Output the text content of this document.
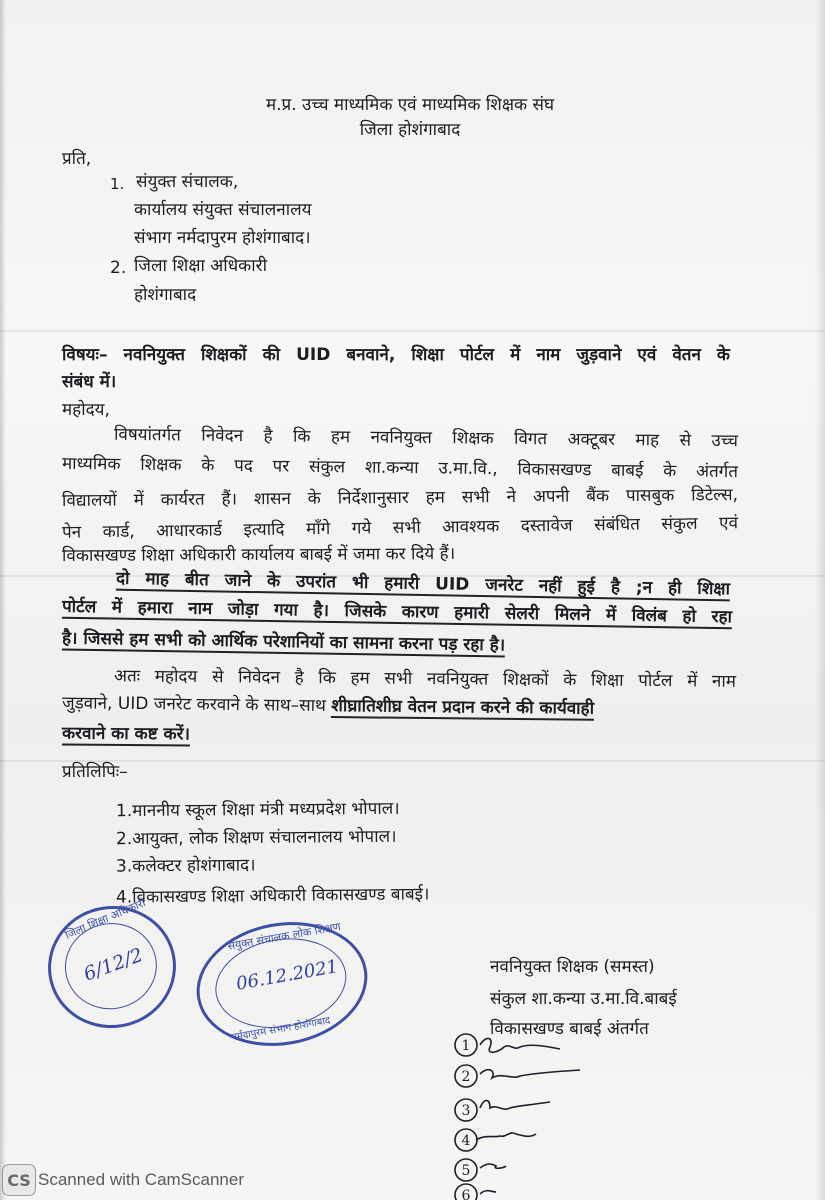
म.प्र. उच्च माध्यमिक एवं माध्यमिक शिक्षक संघ
जिला होशंगाबाद
प्रति,
1. संयुक्त संचालक,
कार्यालय संयुक्त संचालनालय
संभाग नर्मदापुरम होशंगाबाद।
2. जिला शिक्षा अधिकारी
होशंगाबाद
विषयः– नवनियुक्त शिक्षकों की UID बनवाने, शिक्षा पोर्टल में नाम जुड़वाने एवं वेतन के
संबंध में।
महोदय,
विषयांतर्गत निवेदन है कि हम नवनियुक्त शिक्षक विगत अक्टूबर माह से उच्च
माध्यमिक शिक्षक के पद पर संकुल शा.कन्या उ.मा.वि., विकासखण्ड बाबई के अंतर्गत
विद्यालयों में कार्यरत हैं। शासन के निर्देशानुसार हम सभी ने अपनी बैंक पासबुक डिटेल्स,
पेन कार्ड, आधारकार्ड इत्यादि माँगे गये सभी आवश्यक दस्तावेज संबंधित संकुल एवं
विकासखण्ड शिक्षा अधिकारी कार्यालय बाबई में जमा कर दिये हैं।
दो माह बीत जाने के उपरांत भी हमारी UID जनरेट नहीं हुई है ;न ही शिक्षा
पोर्टल में हमारा नाम जोड़ा गया है। जिसके कारण हमारी सेलरी मिलने में विलंब हो रहा
है। जिससे हम सभी को आर्थिक परेशानियों का सामना करना पड़ रहा है।
अतः महोदय से निवेदन है कि हम सभी नवनियुक्त शिक्षकों के शिक्षा पोर्टल में नाम
जुड़वाने, UID जनरेट करवाने के साथ–साथ शीघ्रातिशीघ्र वेतन प्रदान करने की कार्यवाही
करवाने का कष्ट करें।
प्रतिलिपिः–
1.माननीय स्कूल शिक्षा मंत्री मध्यप्रदेश भोपाल।
2.आयुक्त, लोक शिक्षण संचालनालय भोपाल।
3.कलेक्टर होशंगाबाद।
4.विकासखण्ड शिक्षा अधिकारी विकासखण्ड बाबई।
जिला शिक्षा अधिकारी
6/12/2
संयुक्त संचालक लोक शिक्षण
06.12.2021
नर्मदापुरम संभाग होशंगाबाद
नवनियुक्त शिक्षक (समस्त)
संकुल शा.कन्या उ.मा.वि.बाबई
विकासखण्ड बाबई अंतर्गत
1
2
3
4
5
6
CS Scanned with CamScanner
